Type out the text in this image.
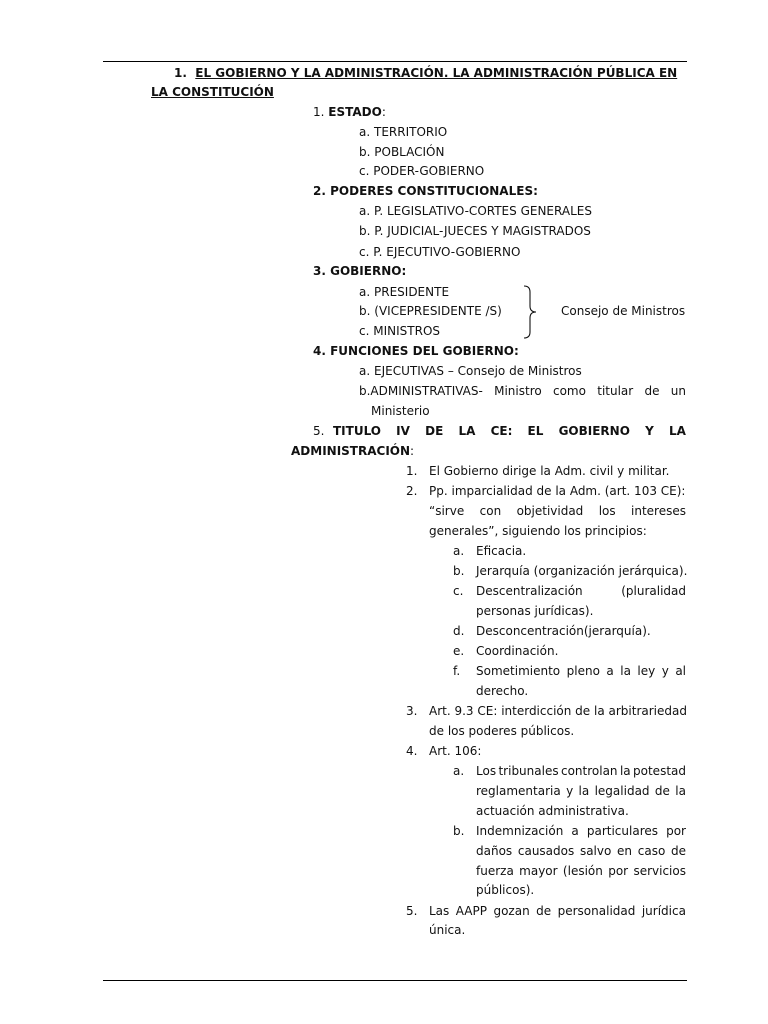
1. EL GOBIERNO Y LA ADMINISTRACIÓN. LA ADMINISTRACIÓN PÚBLICA EN
LA CONSTITUCIÓN
1. ESTADO:
a. TERRITORIO
b. POBLACIÓN
c. PODER-GOBIERNO
2. PODERES CONSTITUCIONALES:
a. P. LEGISLATIVO-CORTES GENERALES
b. P. JUDICIAL-JUECES Y MAGISTRADOS
c. P. EJECUTIVO-GOBIERNO
3. GOBIERNO:
a. PRESIDENTE
b. (VICEPRESIDENTE /S)
c. MINISTROS
Consejo de Ministros
4. FUNCIONES DEL GOBIERNO:
a. EJECUTIVAS – Consejo de Ministros
b.ADMINISTRATIVAS- Ministro como titular de un
Ministerio
5. TITULO IV DE LA CE: EL GOBIERNO Y LA
ADMINISTRACIÓN:
1. El Gobierno dirige la Adm. civil y militar.
2. Pp. imparcialidad de la Adm. (art. 103 CE):
“sirve con objetividad los intereses
generales”, siguiendo los principios:
a. Eficacia.
b. Jerarquía (organización jerárquica).
c. Descentralización	(pluralidad
personas jurídicas).
d. Desconcentración(jerarquía).
e. Coordinación.
f. Sometimiento pleno a la ley y al
derecho.
3. Art. 9.3 CE: interdicción de la arbitrariedad
de los poderes públicos.
4. Art. 106:
a. Los tribunales controlan la potestad
reglamentaria y la legalidad de la
actuación administrativa.
b. Indemnización a particulares por
daños causados salvo en caso de
fuerza mayor (lesión por servicios
públicos).
5. Las AAPP gozan de personalidad jurídica
única.
